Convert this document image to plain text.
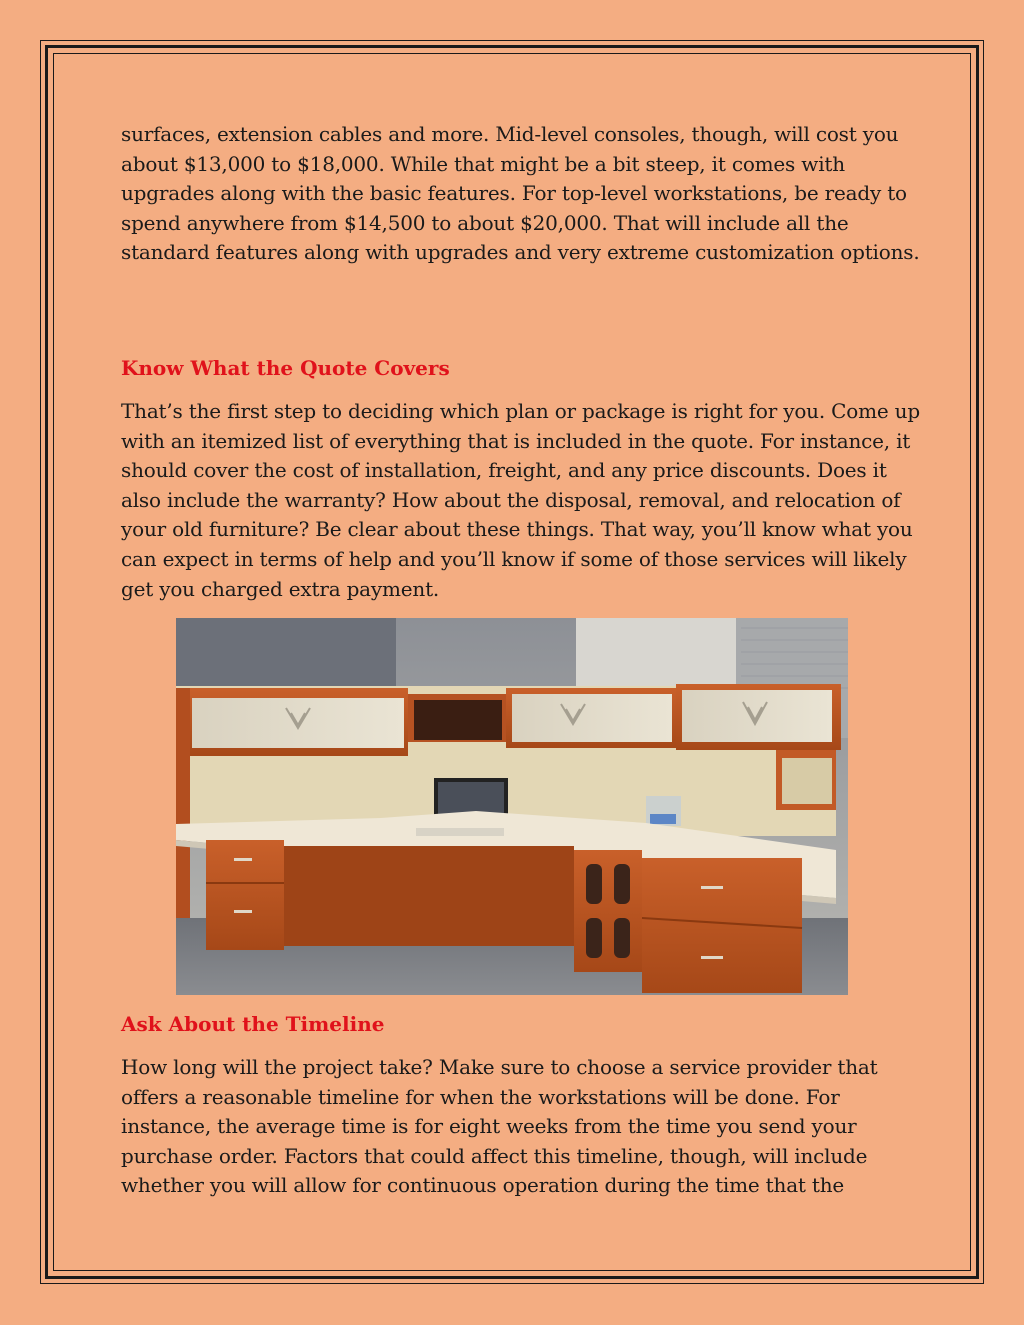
surfaces, extension cables and more. Mid-level consoles, though, will cost you about $13,000 to $18,000. While that might be a bit steep, it comes with upgrades along with the basic features. For top-level workstations, be ready to spend anywhere from $14,500 to about $20,000. That will include all the standard features along with upgrades and very extreme customization options.

Know What the Quote Covers

That’s the first step to deciding which plan or package is right for you. Come up with an itemized list of everything that is included in the quote. For instance, it should cover the cost of installation, freight, and any price discounts. Does it also include the warranty? How about the disposal, removal, and relocation of your old furniture? Be clear about these things. That way, you’ll know what you can expect in terms of help and you’ll know if some of those services will likely get you charged extra payment.

Ask About the Timeline

How long will the project take? Make sure to choose a service provider that offers a reasonable timeline for when the workstations will be done. For instance, the average time is for eight weeks from the time you send your purchase order. Factors that could affect this timeline, though, will include whether you will allow for continuous operation during the time that the
